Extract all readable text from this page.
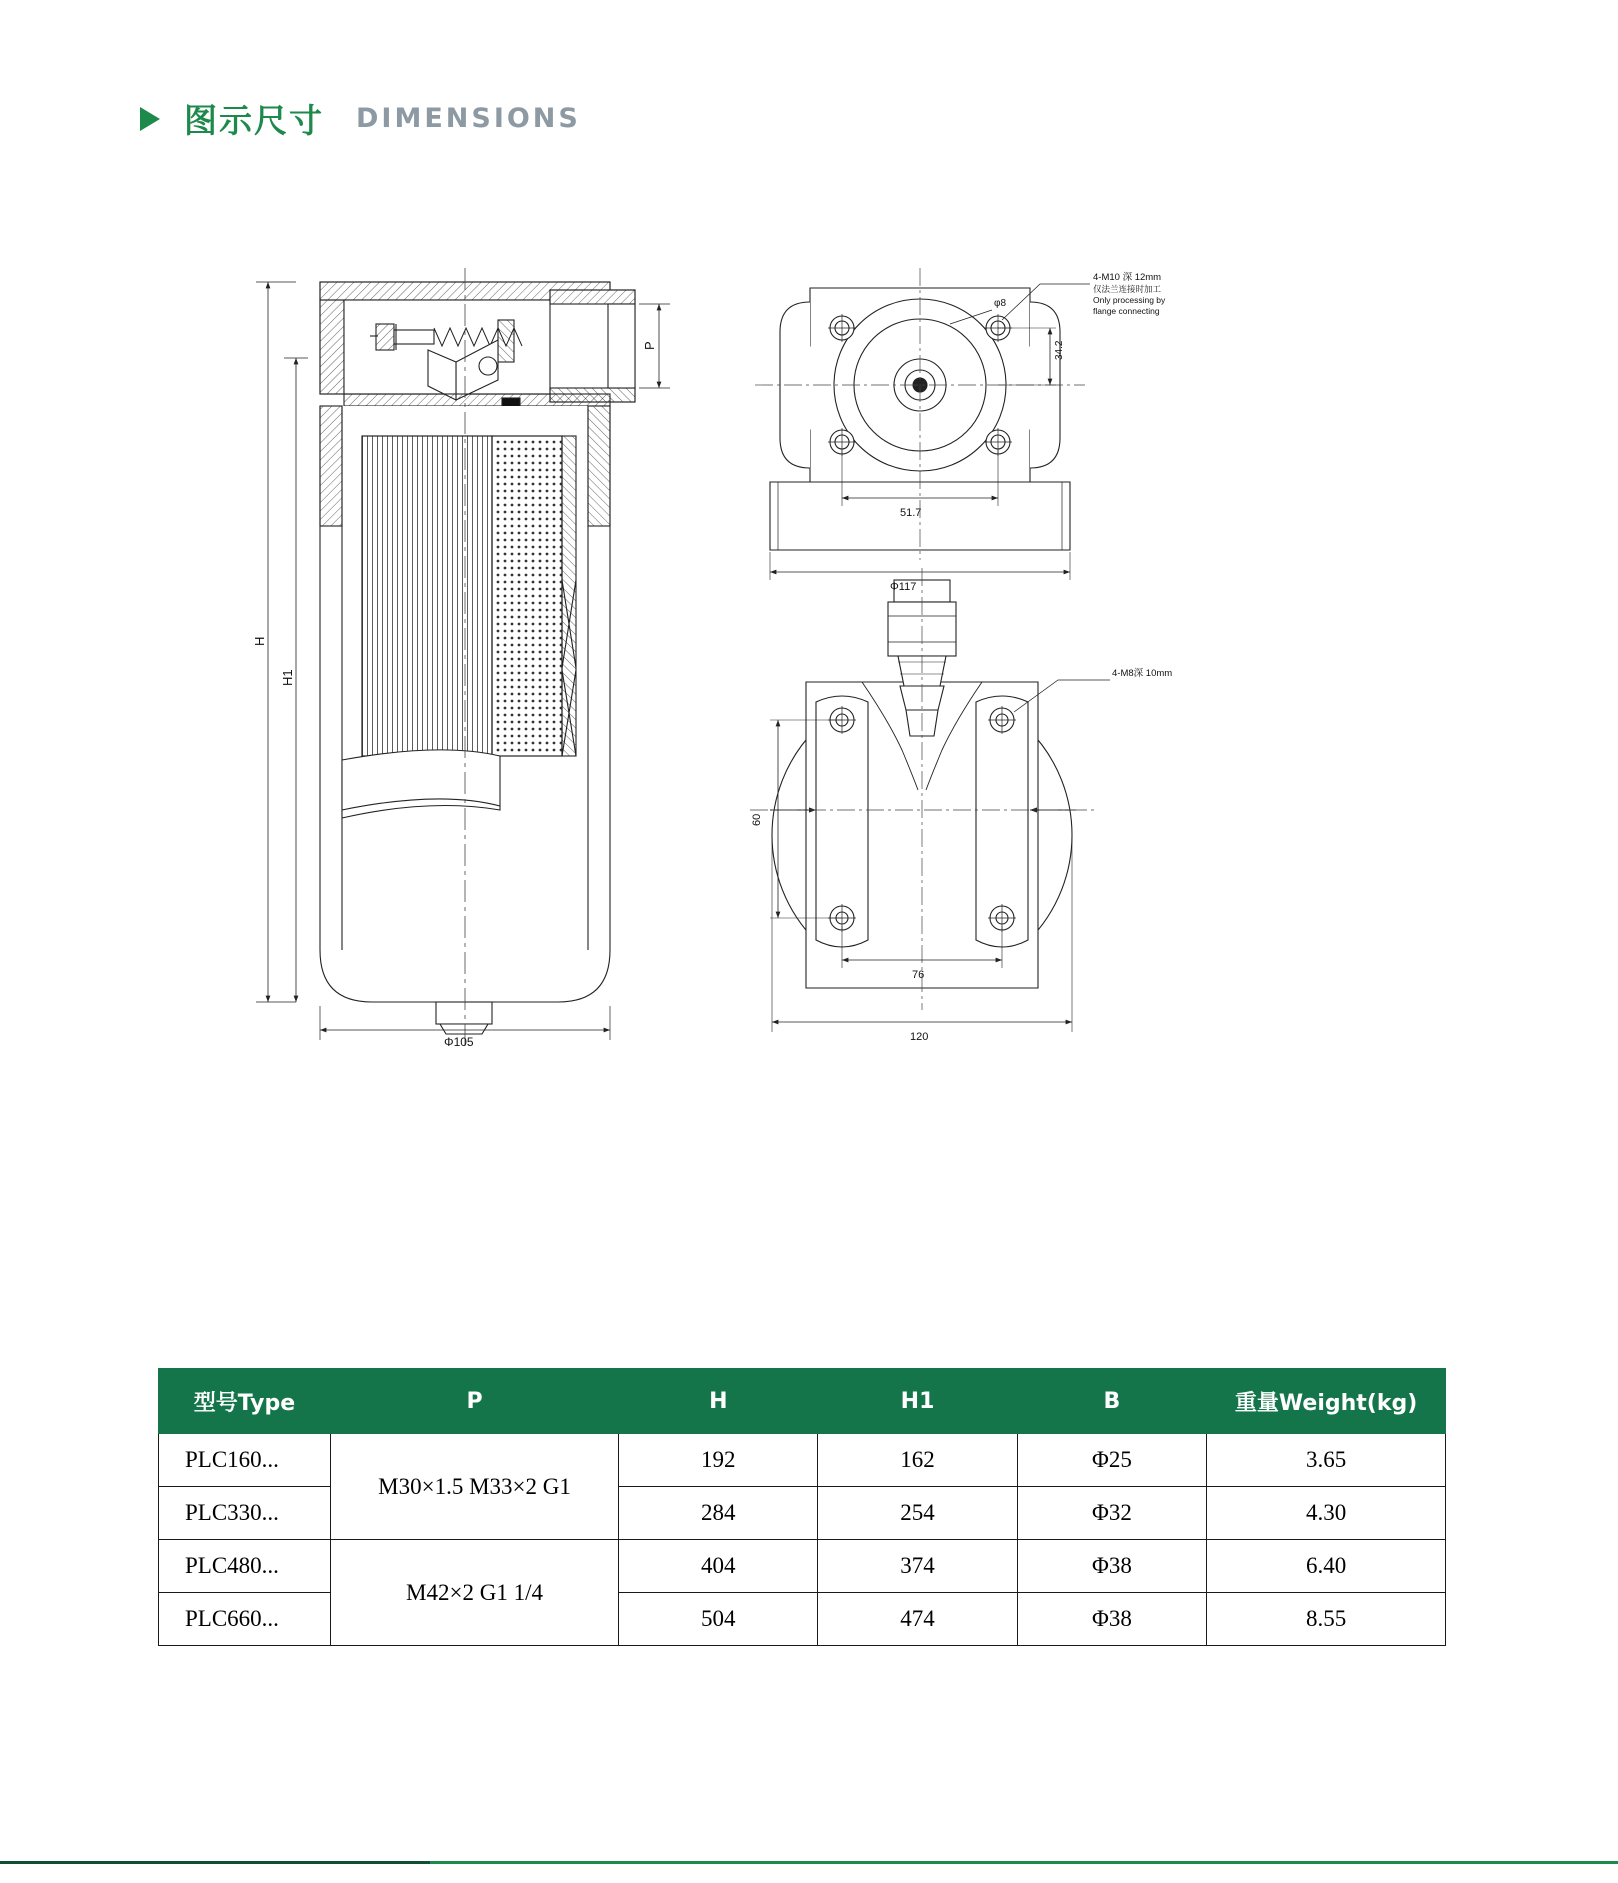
图示尺寸 DIMENSIONS
P
H
H1
Φ105
4-M10 深 12mm
仅法兰连接时加工
Only processing by
flange connecting
φ8
34.2
51.7
Φ117
4-M8深 10mm
60
76
120
型号Type	P	H	H1	B	重量Weight(kg)
PLC160...	M30×1.5 M33×2 G1	192	162	Φ25	3.65
PLC330...		284	254	Φ32	4.30
PLC480...	M42×2 G1 1/4	404	374	Φ38	6.40
PLC660...		504	474	Φ38	8.55
